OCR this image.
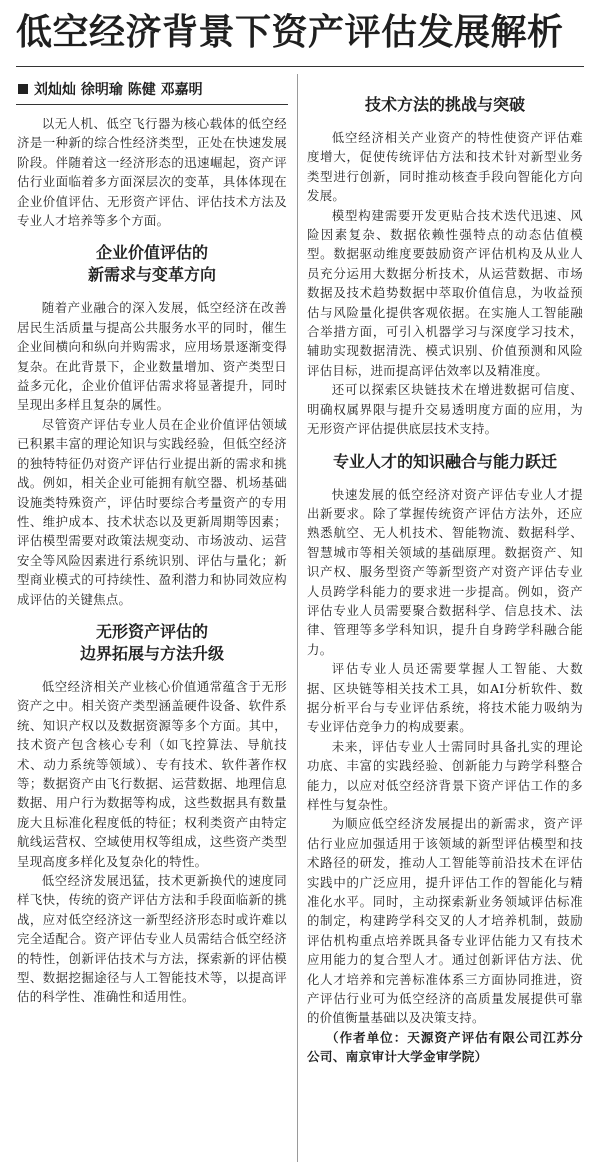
低空经济背景下资产评估发展解析
刘灿灿 徐明瑜 陈健 邓嘉明

以无人机、低空飞行器为核心载体的低空经济是一种新的综合性经济类型，正处在快速发展阶段。伴随着这一经济形态的迅速崛起，资产评估行业面临着多方面深层次的变革，具体体现在企业价值评估、无形资产评估、评估技术方法及专业人才培养等多个方面。

企业价值评估的
新需求与变革方向

随着产业融合的深入发展，低空经济在改善居民生活质量与提高公共服务水平的同时，催生企业间横向和纵向并购需求，应用场景逐渐变得复杂。在此背景下，企业数量增加、资产类型日益多元化，企业价值评估需求将显著提升，同时呈现出多样且复杂的属性。

尽管资产评估专业人员在企业价值评估领域已积累丰富的理论知识与实践经验，但低空经济的独特特征仍对资产评估行业提出新的需求和挑战。例如，相关企业可能拥有航空器、机场基础设施类特殊资产，评估时要综合考量资产的专用性、维护成本、技术状态以及更新周期等因素；评估模型需要对政策法规变动、市场波动、运营安全等风险因素进行系统识别、评估与量化；新型商业模式的可持续性、盈利潜力和协同效应构成评估的关键焦点。

无形资产评估的
边界拓展与方法升级

低空经济相关产业核心价值通常蕴含于无形资产之中。相关资产类型涵盖硬件设备、软件系统、知识产权以及数据资源等多个方面。其中，技术资产包含核心专利（如飞控算法、导航技术、动力系统等领域）、专有技术、软件著作权等；数据资产由飞行数据、运营数据、地理信息数据、用户行为数据等构成，这些数据具有数量庞大且标准化程度低的特征；权利类资产由特定航线运营权、空域使用权等组成，这些资产类型呈现高度多样化及复杂化的特性。

低空经济发展迅猛，技术更新换代的速度同样飞快，传统的资产评估方法和手段面临新的挑战，应对低空经济这一新型经济形态时或许难以完全适配合。资产评估专业人员需结合低空经济的特性，创新评估技术与方法，探索新的评估模型、数据挖掘途径与人工智能技术等，以提高评估的科学性、准确性和适用性。

技术方法的挑战与突破

低空经济相关产业资产的特性使资产评估难度增大，促使传统评估方法和技术针对新型业务类型进行创新，同时推动核查手段向智能化方向发展。

模型构建需要开发更贴合技术迭代迅速、风险因素复杂、数据依赖性强特点的动态估值模型。数据驱动维度要鼓励资产评估机构及从业人员充分运用大数据分析技术，从运营数据、市场数据及技术趋势数据中萃取价值信息，为收益预估与风险量化提供客观依据。在实施人工智能融合举措方面，可引入机器学习与深度学习技术，辅助实现数据清洗、模式识别、价值预测和风险评估目标，进而提高评估效率以及精准度。

还可以探索区块链技术在增进数据可信度、明确权属界限与提升交易透明度方面的应用，为无形资产评估提供底层技术支持。

专业人才的知识融合与能力跃迁

快速发展的低空经济对资产评估专业人才提出新要求。除了掌握传统资产评估方法外，还应熟悉航空、无人机技术、智能物流、数据科学、智慧城市等相关领域的基础原理。数据资产、知识产权、服务型资产等新型资产对资产评估专业人员跨学科能力的要求进一步提高。例如，资产评估专业人员需要聚合数据科学、信息技术、法律、管理等多学科知识，提升自身跨学科融合能力。

评估专业人员还需要掌握人工智能、大数据、区块链等相关技术工具，如AI分析软件、数据分析平台与专业评估系统，将技术能力吸纳为专业评估竞争力的构成要素。

未来，评估专业人士需同时具备扎实的理论功底、丰富的实践经验、创新能力与跨学科整合能力，以应对低空经济背景下资产评估工作的多样性与复杂性。

为顺应低空经济发展提出的新需求，资产评估行业应加强适用于该领域的新型评估模型和技术路径的研发，推动人工智能等前沿技术在评估实践中的广泛应用，提升评估工作的智能化与精准化水平。同时，主动探索新业务领域评估标准的制定，构建跨学科交叉的人才培养机制，鼓励评估机构重点培养既具备专业评估能力又有技术应用能力的复合型人才。通过创新评估方法、优化人才培养和完善标准体系三方面协同推进，资产评估行业可为低空经济的高质量发展提供可靠的价值衡量基础以及决策支持。

（作者单位：天源资产评估有限公司江苏分公司、南京审计大学金审学院）
